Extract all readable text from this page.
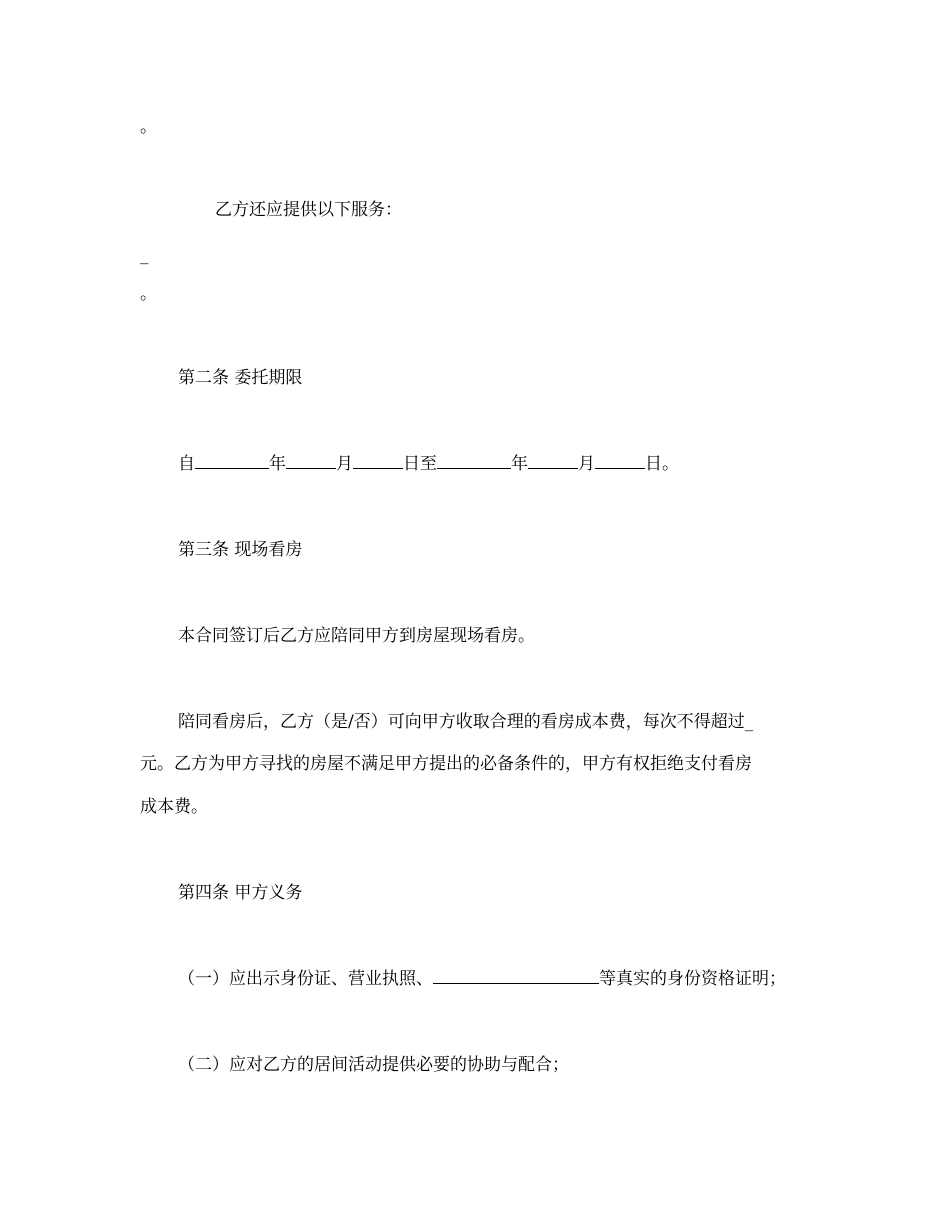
。
乙方还应提供以下服务：
_
。
第二条 委托期限
自	年	月	日至	年	月	日。
第三条 现场看房
本合同签订后乙方应陪同甲方到房屋现场看房。
陪同看房后，乙方（是/否）可向甲方收取合理的看房成本费，每次不得超过_
元。乙方为甲方寻找的房屋不满足甲方提出的必备条件的，甲方有权拒绝支付看房
成本费。
第四条 甲方义务
（一）应出示身份证、营业执照、	等真实的身份资格证明；
（二）应对乙方的居间活动提供必要的协助与配合；
